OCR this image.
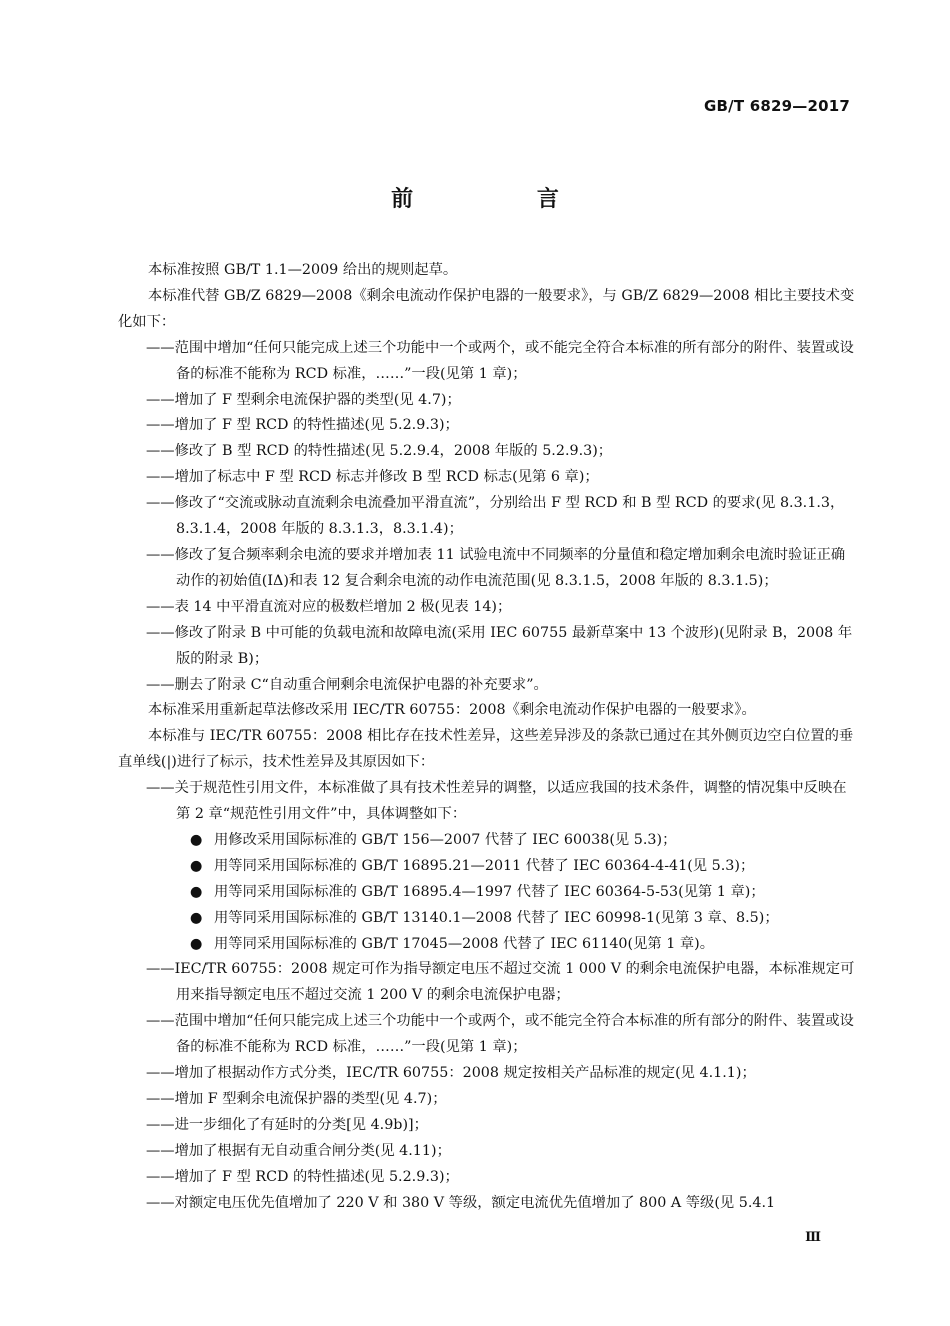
GB/T 6829—2017
前 言

本标准按照 GB/T 1.1—2009 给出的规则起草。

本标准代替 GB/Z 6829—2008《剩余电流动作保护电器的一般要求》，与 GB/Z 6829—2008 相比主要技术变化如下：

——范围中增加“任何只能完成上述三个功能中一个或两个，或不能完全符合本标准的所有部分的附件、装置或设备的标准不能称为 RCD 标准，……”一段(见第 1 章)；

——增加了 F 型剩余电流保护器的类型(见 4.7)；

——增加了 F 型 RCD 的特性描述(见 5.2.9.3)；

——修改了 B 型 RCD 的特性描述(见 5.2.9.4，2008 年版的 5.2.9.3)；

——增加了标志中 F 型 RCD 标志并修改 B 型 RCD 标志(见第 6 章)；

——修改了“交流或脉动直流剩余电流叠加平滑直流”，分别给出 F 型 RCD 和 B 型 RCD 的要求(见 8.3.1.3，8.3.1.4，2008 年版的 8.3.1.3，8.3.1.4)；

——修改了复合频率剩余电流的要求并增加表 11 试验电流中不同频率的分量值和稳定增加剩余电流时验证正确动作的初始值(IΔ)和表 12 复合剩余电流的动作电流范围(见 8.3.1.5，2008 年版的 8.3.1.5)；

——表 14 中平滑直流对应的极数栏增加 2 极(见表 14)；

——修改了附录 B 中可能的负载电流和故障电流(采用 IEC 60755 最新草案中 13 个波形)(见附录 B，2008 年版的附录 B)；

——删去了附录 C“自动重合闸剩余电流保护电器的补充要求”。

本标准采用重新起草法修改采用 IEC/TR 60755：2008《剩余电流动作保护电器的一般要求》。

本标准与 IEC/TR 60755：2008 相比存在技术性差异，这些差异涉及的条款已通过在其外侧页边空白位置的垂直单线(|)进行了标示，技术性差异及其原因如下：

——关于规范性引用文件，本标准做了具有技术性差异的调整，以适应我国的技术条件，调整的情况集中反映在第 2 章“规范性引用文件”中，具体调整如下：

● 用修改采用国际标准的 GB/T 156—2007 代替了 IEC 60038(见 5.3)；

● 用等同采用国际标准的 GB/T 16895.21—2011 代替了 IEC 60364-4-41(见 5.3)；

● 用等同采用国际标准的 GB/T 16895.4—1997 代替了 IEC 60364-5-53(见第 1 章)；

● 用等同采用国际标准的 GB/T 13140.1—2008 代替了 IEC 60998-1(见第 3 章、8.5)；

● 用等同采用国际标准的 GB/T 17045—2008 代替了 IEC 61140(见第 1 章)。

——IEC/TR 60755：2008 规定可作为指导额定电压不超过交流 1 000 V 的剩余电流保护电器，本标准规定可用来指导额定电压不超过交流 1 200 V 的剩余电流保护电器；

——范围中增加“任何只能完成上述三个功能中一个或两个，或不能完全符合本标准的所有部分的附件、装置或设备的标准不能称为 RCD 标准，……”一段(见第 1 章)；

——增加了根据动作方式分类，IEC/TR 60755：2008 规定按相关产品标准的规定(见 4.1.1)；

——增加 F 型剩余电流保护器的类型(见 4.7)；

——进一步细化了有延时的分类[见 4.9b)]；

——增加了根据有无自动重合闸分类(见 4.11)；

——增加了 F 型 RCD 的特性描述(见 5.2.9.3)；

——对额定电压优先值增加了 220 V 和 380 V 等级，额定电流优先值增加了 800 A 等级(见 5.4.1

Ⅲ
